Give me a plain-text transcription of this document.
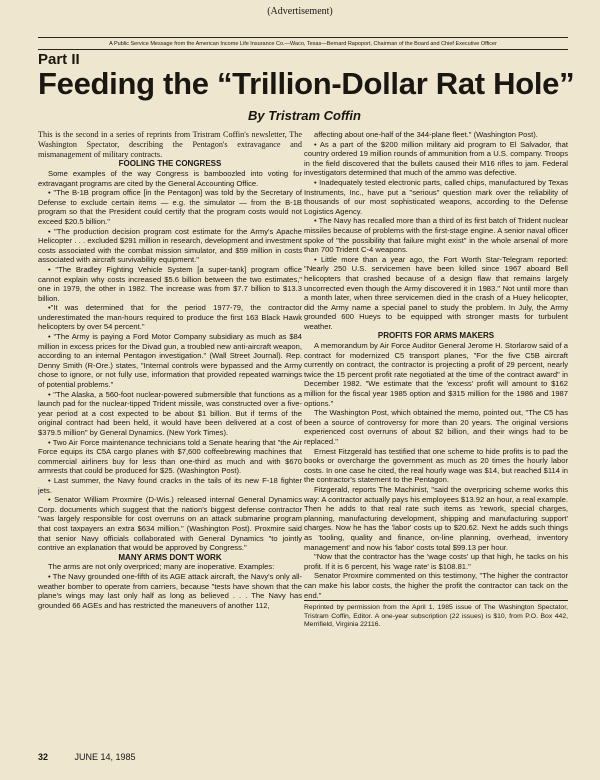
(Advertisement)
A Public Service Message from the American Income Life Insurance Co.—Waco, Texas—Bernard Rapoport, Chairman of the Board and Chief Executive Officer
Part II
Feeding the “Trillion-Dollar Rat Hole”
By Tristram Coffin

This is the second in a series of reprints from Tristram Coffin's newsletter, The Washington Spectator, describing the Pentagon's extravagance and mismanagement of military contracts.

FOOLING THE CONGRESS

Some examples of the way Congress is bamboozled into voting for extravagant programs are cited by the General Accounting Office.

• "The B-1B program office [in the Pentagon] was told by the Secretary of Defense to exclude certain items — e.g. the simulator — from the B-1B program so that the President could certify that the program costs would not exceed $20.5 billion."

• "The production decision program cost estimate for the Army's Apache Helicopter . . . excluded $291 million in research, development and investment costs associated with the combat mission simulator, and $59 million in costs associated with aircraft survivability equipment."

• "The Bradley Fighting Vehicle System [a super-tank] program office cannot explain why costs increased $5.6 billion between the two estimates," one in 1979, the other in 1982. The increase was from $7.7 billion to $13.3 billion.

•"It was determined that for the period 1977-79, the contractor underestimated the man-hours required to produce the first 163 Black Hawk helicopters by over 54 percent."

• "The Army is paying a Ford Motor Company subsidiary as much as $84 million in excess prices for the Divad gun, a troubled new anti-aircraft weapon, according to an internal Pentagon investigation." (Wall Street Journal). Rep. Denny Smith (R-Ore.) states, "Internal controls were bypassed and the Army chose to ignore, or not fully use, information that provided repeated warnings of potential problems."

• "The Alaska, a 560-foot nuclear-powered submersible that functions as a launch pad for the nuclear-tipped Trident missile, was constructed over a five-year period at a cost expected to be about $1 billion. But if terms of the original contract had been held, it would have been delivered at a cost of $379.5 million" by General Dynamics. (New York Times).

• Two Air Force maintenance technicians told a Senate hearing that "the Air Force equips its C5A cargo planes with $7,600 coffeebrewing machines that commercial airliners buy for less than one-third as much and with $670 armrests that could be produced for $25. (Washington Post).

• Last summer, the Navy found cracks in the tails of its new F-18 fighter jets.

• Senator William Proxmire (D-Wis.) released internal General Dynamics Corp. documents which suggest that the nation's biggest defense contractor "was largely responsible for cost overruns on an attack submarine program that cost taxpayers an extra $634 million." (Washington Post). Proxmire said that senior Navy officials collaborated with General Dynamics "to jointly contrive an explanation that would be approved by Congress."

MANY ARMS DON'T WORK

The arms are not only overpriced; many are inoperative. Examples:

• The Navy grounded one-fifth of its AGE attack aircraft, the Navy's only all-weather bomber to operate from carriers, because "tests have shown that the plane's wings may last only half as long as believed . . . The Navy has grounded 66 AGEs and has restricted the maneuvers of another 112,

affecting about one-half of the 344-plane fleet." (Washington Post).

• As a part of the $200 million military aid program to El Salvador, that country ordered 19 million rounds of ammunition from a U.S. company. Troops in the field discovered that the bullets caused their M16 rifles to jam. Federal investigators determined that much of the ammo was defective.

• Inadequately tested electronic parts, called chips, manufactured by Texas Instruments, Inc., have put a "serious" question mark over the reliability of thousands of our most sophisticated weapons, according to the Defense Logistics Agency.

• The Navy has recalled more than a third of its first batch of Trident nuclear missiles because of problems with the first-stage engine. A senior naval officer spoke of "the possibility that failure might exist" in the whole arsenal of more than 700 Trident C-4 weapons.

• Little more than a year ago, the Fort Worth Star-Telegram reported: "Nearly 250 U.S. servicemen have been killed since 1967 aboard Bell helicopters that crashed because of a design flaw that remains largely uncorrected even though the Army discovered it in 1983." Not until more than a month later, when three servicemen died in the crash of a Huey helicopter, did the Army name a special panel to study the problem. In July, the Army grounded 600 Hueys to be equipped with stronger masts for turbulent weather.

PROFITS FOR ARMS MAKERS

A memorandum by Air Force Auditor General Jerome H. Storlarow said of a contract for modernized C5 transport planes, "For the five C5B aircraft currently on contract, the contractor is projecting a profit of 29 percent, nearly twice the 15 percent profit rate negotiated at the time of the contract award" in December 1982. "We estimate that the 'excess' profit will amount to $162 million for the fiscal year 1985 option and $315 million for the 1986 and 1987 options."

The Washington Post, which obtained the memo, pointed out, "The C5 has been a source of controversy for more than 20 years. The original versions experienced cost overruns of about $2 billion, and their wings had to be replaced."

Ernest Fitzgerald has testified that one scheme to hide profits is to pad the books or overcharge the government as much as 20 times the hourly labor costs. In one case he cited, the real hourly wage was $14, but reached $114 in the contractor's statement to the Pentagon.

Fitzgerald, reports The Machinist, "said the overpricing scheme works this way: A contractor actually pays his employees $13.92 an hour, a real example. Then he adds to that real rate such items as 'rework, special charges, planning, manufacturing development, shipping and manufacturing support' charges. Now he has the 'labor' costs up to $20.62. Next he adds such things as 'tooling, quality and finance, on-line planning, overhead, inventory management' and now his 'labor' costs total $99.13 per hour.

"Now that the contractor has the 'wage costs' up that high, he tacks on his profit. If it is 6 percent, his 'wage rate' is $108.81."

Senator Proxmire commented on this testimony, "The higher the contractor can make his labor costs, the higher the profit the contractor can tack on the end."

Reprinted by permission from the April 1, 1985 issue of The Washington Spectator, Tristram Coffin, Editor. A one-year subscription (22 issues) is $10, from P.O. Box 442, Merrifield, Virginia 22116.

32	JUNE 14, 1985
